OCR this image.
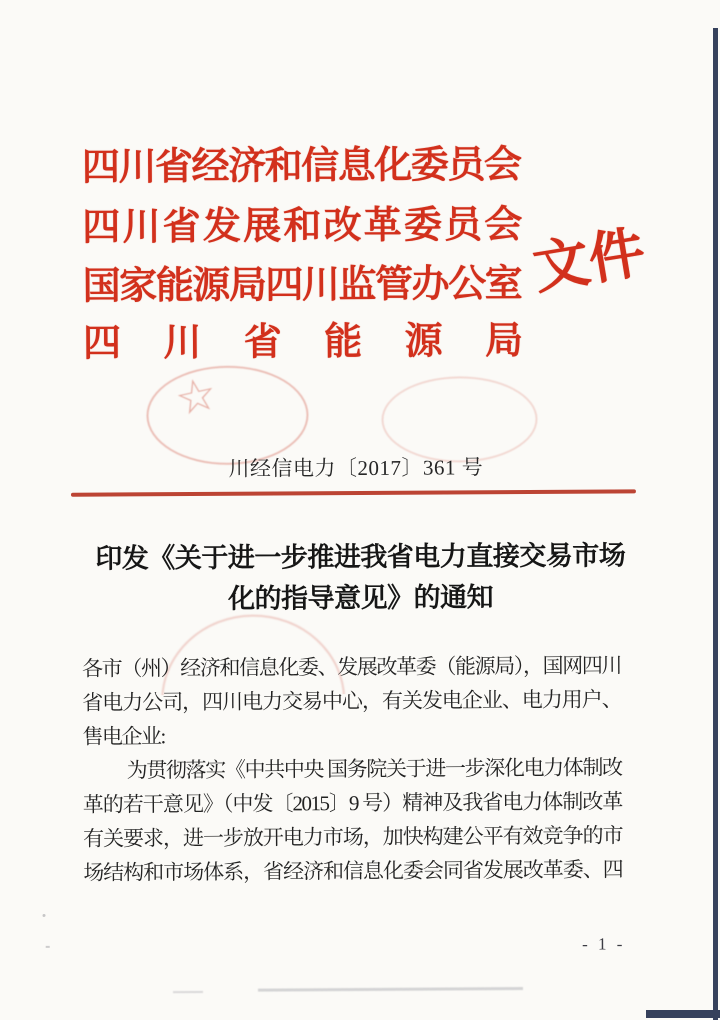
四川省经济和信息化委员会
四川省发展和改革委员会
国家能源局四川监管办公室
四川省能源局
文件
☆
川经信电力〔2017〕361 号
印发《关于进一步推进我省电力直接交易市场
化的指导意见》的通知
各市（州）经济和信息化委、发展改革委（能源局），国网四川
省电力公司，四川电力交易中心，有关发电企业、电力用户、
售电企业:
为贯彻落实《中共中央 国务院关于进一步深化电力体制改
革的若干意见》（中发〔2015〕9 号）精神及我省电力体制改革
有关要求，进一步放开电力市场，加快构建公平有效竞争的市
场结构和市场体系，省经济和信息化委会同省发展改革委、四
- 1 -
